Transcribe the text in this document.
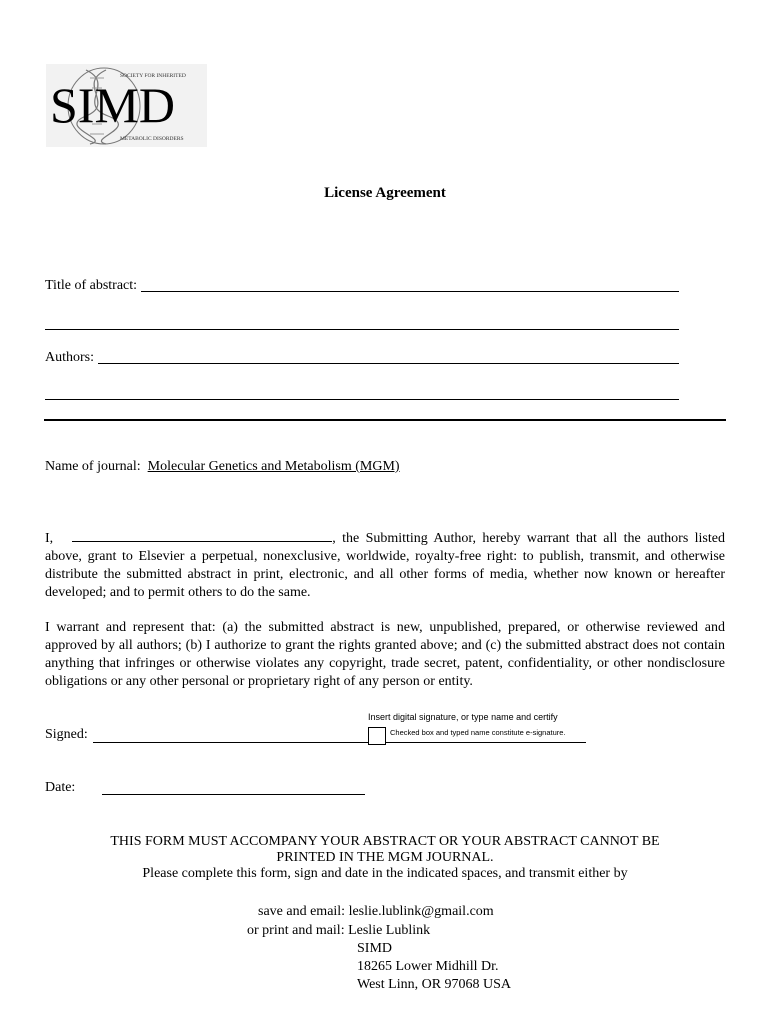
SIMD
SOCIETY FOR INHERITED
METABOLIC DISORDERS
License Agreement
Title of abstract:
Authors:
Name of journal: Molecular Genetics and Metabolism (MGM)
I,	, the Submitting Author, hereby warrant that all the authors listed above, grant to Elsevier a perpetual, nonexclusive, worldwide, royalty-free right: to publish, transmit, and otherwise distribute the submitted abstract in print, electronic, and all other forms of media, whether now known or hereafter developed; and to permit others to do the same.
I warrant and represent that: (a) the submitted abstract is new, unpublished, prepared, or otherwise reviewed and approved by all authors; (b) I authorize to grant the rights granted above; and (c) the submitted abstract does not contain anything that infringes or otherwise violates any copyright, trade secret, patent, confidentiality, or other nondisclosure obligations or any other personal or proprietary right of any person or entity.
Insert digital signature, or type name and certify
Signed:	Checked box and typed name constitute e-signature.
Date:
THIS FORM MUST ACCOMPANY YOUR ABSTRACT OR YOUR ABSTRACT CANNOT BE
PRINTED IN THE MGM JOURNAL.
Please complete this form, sign and date in the indicated spaces, and transmit either by
save and email: leslie.lublink@gmail.com
or print and mail: Leslie Lublink
SIMD
18265 Lower Midhill Dr.
West Linn, OR 97068 USA
